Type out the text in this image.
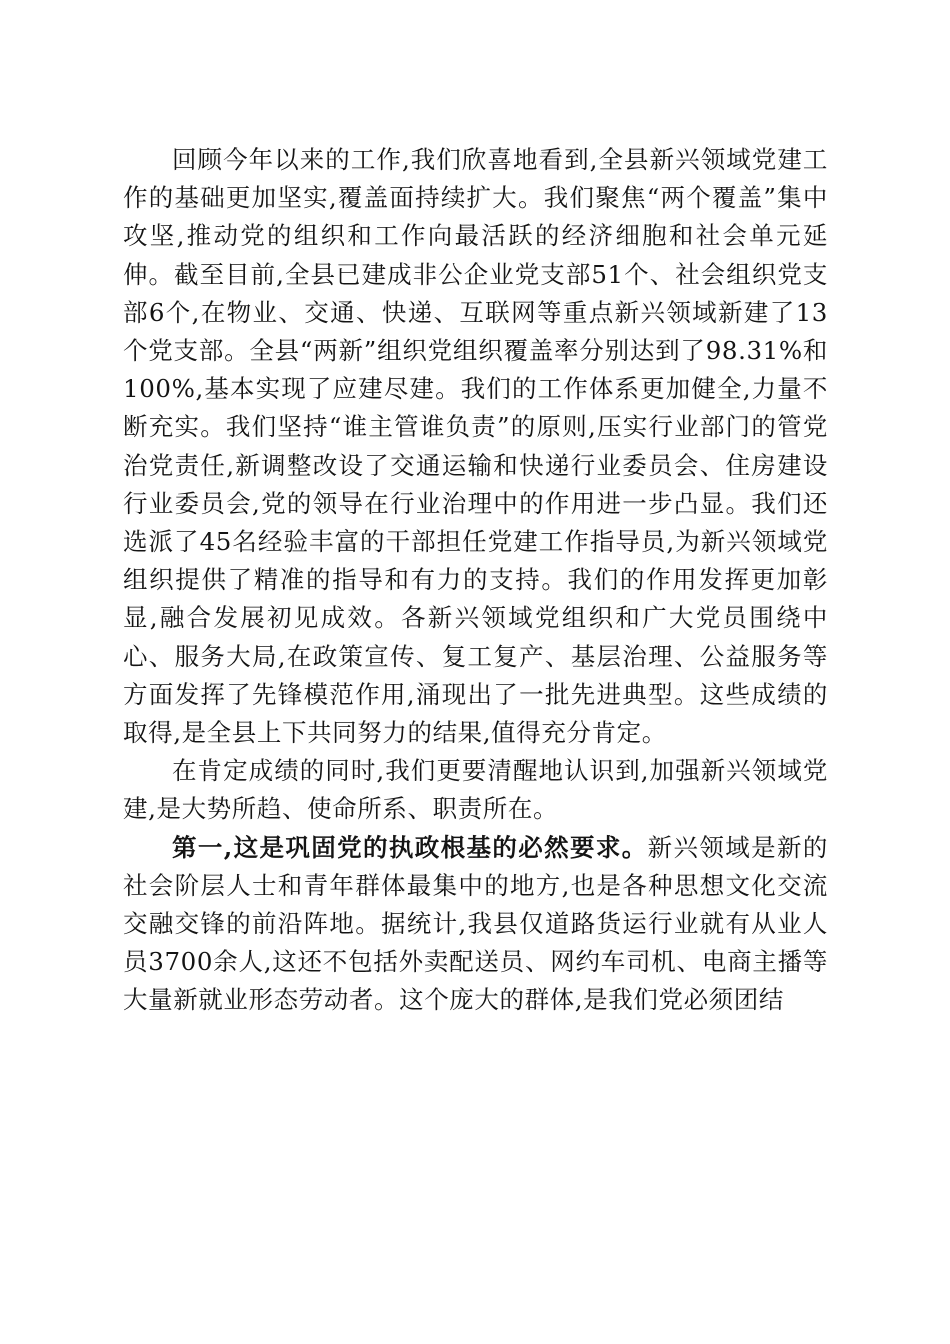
回顾今年以来的工作,我们欣喜地看到,全县新兴领域党建工作的基础更加坚实,覆盖面持续扩大。我们聚焦“两个覆盖”集中攻坚,推动党的组织和工作向最活跃的经济细胞和社会单元延伸。截至目前,全县已建成非公企业党支部51个、社会组织党支部6个,在物业、交通、快递、互联网等重点新兴领域新建了13个党支部。全县“两新”组织党组织覆盖率分别达到了98.31%和100%,基本实现了应建尽建。我们的工作体系更加健全,力量不断充实。我们坚持“谁主管谁负责”的原则,压实行业部门的管党治党责任,新调整改设了交通运输和快递行业委员会、住房建设行业委员会,党的领导在行业治理中的作用进一步凸显。我们还选派了45名经验丰富的干部担任党建工作指导员,为新兴领域党组织提供了精准的指导和有力的支持。我们的作用发挥更加彰显,融合发展初见成效。各新兴领域党组织和广大党员围绕中心、服务大局,在政策宣传、复工复产、基层治理、公益服务等方面发挥了先锋模范作用,涌现出了一批先进典型。这些成绩的取得,是全县上下共同努力的结果,值得充分肯定。

在肯定成绩的同时,我们更要清醒地认识到,加强新兴领域党建,是大势所趋、使命所系、职责所在。

第一,这是巩固党的执政根基的必然要求。新兴领域是新的社会阶层人士和青年群体最集中的地方,也是各种思想文化交流交融交锋的前沿阵地。据统计,我县仅道路货运行业就有从业人员3700余人,这还不包括外卖配送员、网约车司机、电商主播等大量新就业形态劳动者。这个庞大的群体,是我们党必须团结
